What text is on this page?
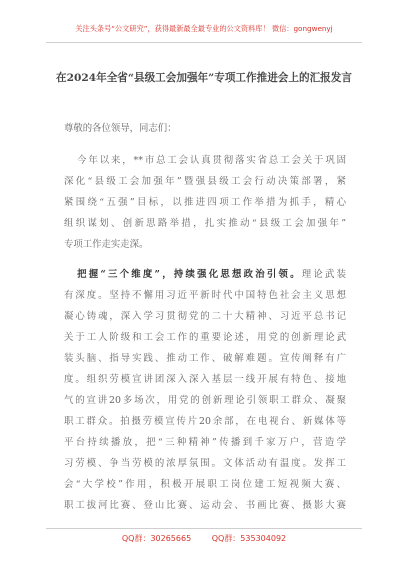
关注头条号“公文研究”，获得最新最全最专业的公文资料库！ 微信：gongwenyj
在2024年全省“县级工会加强年”专项工作推进会上的汇报发言

尊敬的各位领导，同志们：

今年以来，**市总工会认真贯彻落实省总工会关于巩固
深化“县级工会加强年”暨强县级工会行动决策部署，紧
紧围绕“五强”目标，以推进四项工作举措为抓手，精心
组织谋划、创新思路举措，扎实推动“县级工会加强年”
专项工作走实走深。
把握“三个维度”，持续强化思想政治引领。理论武装
有深度。坚持不懈用习近平新时代中国特色社会主义思想
凝心铸魂，深入学习贯彻党的二十大精神、习近平总书记
关于工人阶级和工会工作的重要论述，用党的创新理论武
装头脑、指导实践、推动工作、破解难题。宣传阐释有广
度。组织劳模宣讲团深入深入基层一线开展有特色、接地
气的宣讲20多场次，用党的创新理论引领职工群众、凝聚
职工群众。拍摄劳模宣传片20余部，在电视台、新媒体等
平台持续播放，把“三种精神”传播到千家万户，营造学
习劳模、争当劳模的浓厚氛围。文体活动有温度。发挥工
会“大学校”作用，积极开展职工岗位建工短视频大赛、
职工拔河比赛、登山比赛、运动会、书画比赛、摄影大赛
QQ群：30265665	QQ群：535304092
